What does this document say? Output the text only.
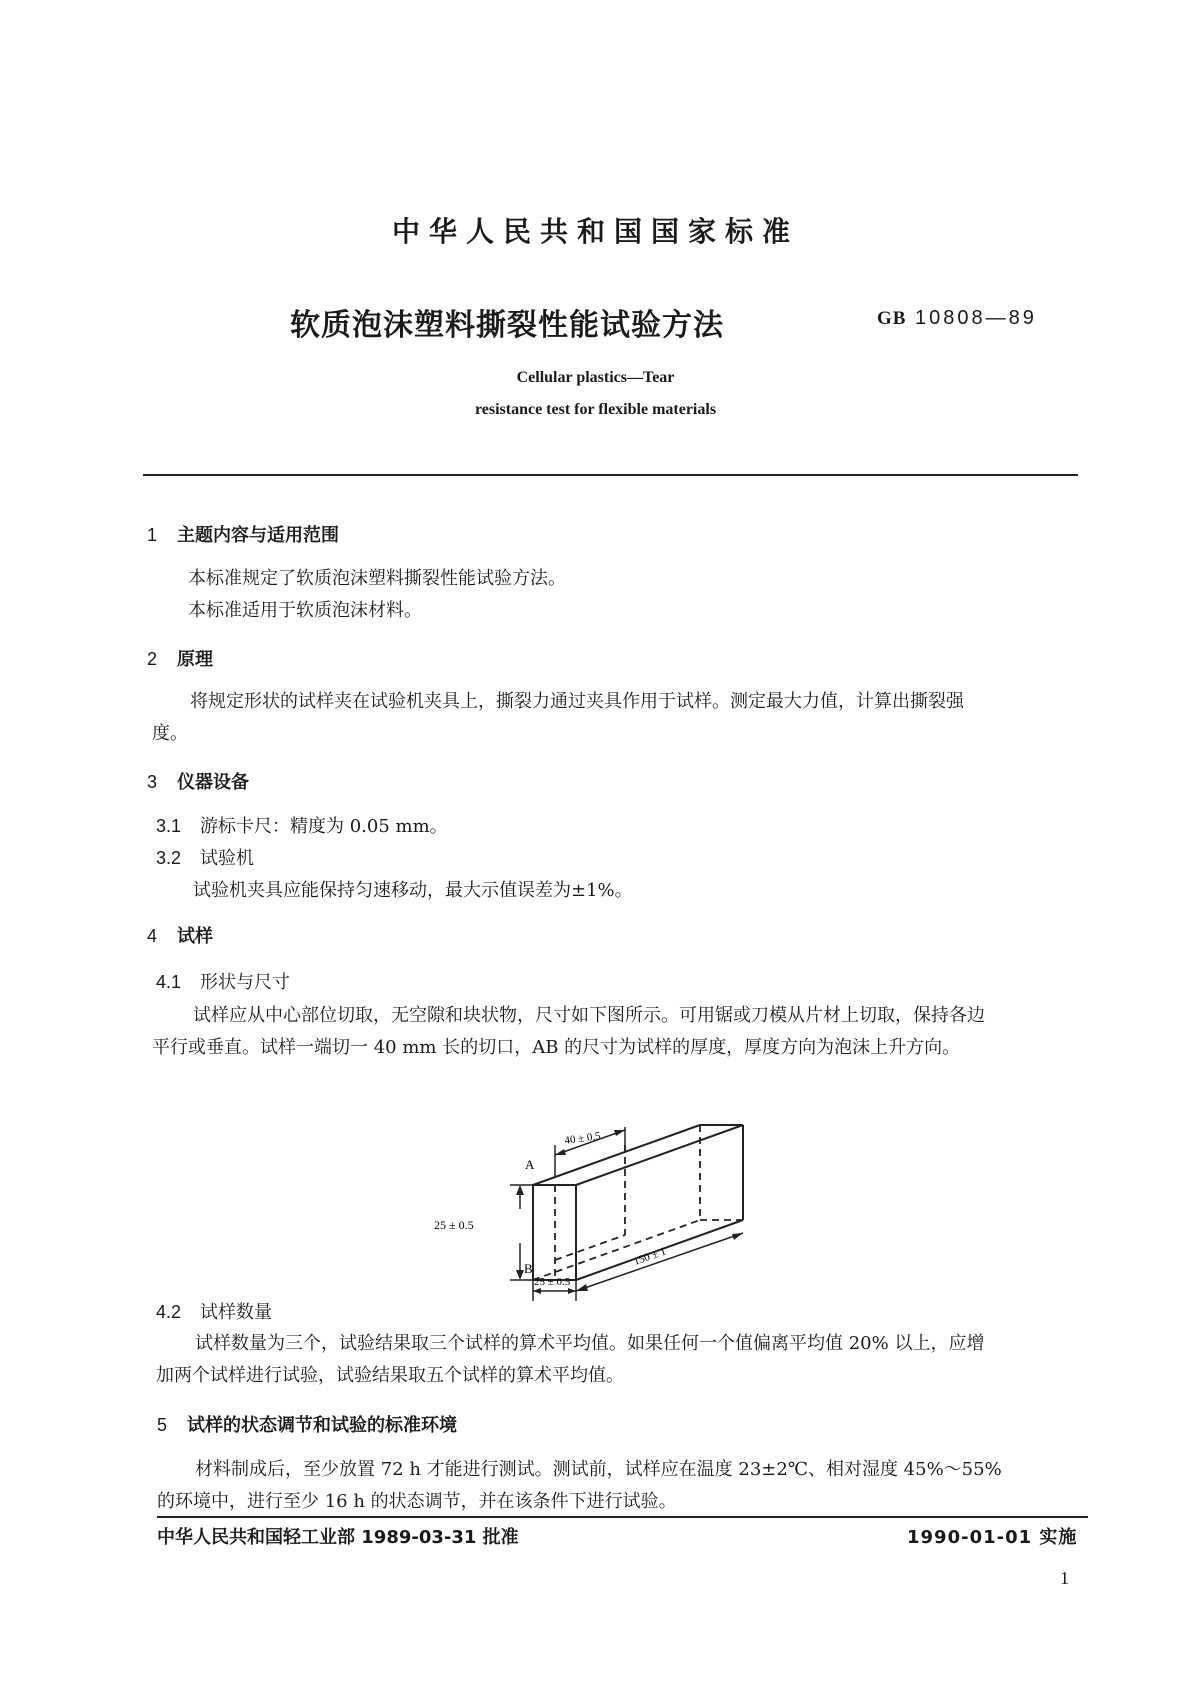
中华人民共和国国家标准
软质泡沫塑料撕裂性能试验方法	GB 10808—89
Cellular plastics—Tear
resistance test for flexible materials
1 主题内容与适用范围
本标准规定了软质泡沫塑料撕裂性能试验方法。
本标准适用于软质泡沫材料。
2 原理
将规定形状的试样夹在试验机夹具上，撕裂力通过夹具作用于试样。测定最大力值，计算出撕裂强
度。
3 仪器设备
3.1 游标卡尺：精度为 0.05 mm。
3.2 试验机
试验机夹具应能保持匀速移动，最大示值误差为±1%。
4 试样
4.1 形状与尺寸
试样应从中心部位切取，无空隙和块状物，尺寸如下图所示。可用锯或刀模从片材上切取，保持各边
平行或垂直。试样一端切一 40 mm 长的切口，AB 的尺寸为试样的厚度，厚度方向为泡沫上升方向。
A
B
40 ± 0.5
25 ± 0.5
25 ± 0.5
150 ± 1
4.2 试样数量
试样数量为三个，试验结果取三个试样的算术平均值。如果任何一个值偏离平均值 20% 以上，应增
加两个试样进行试验，试验结果取五个试样的算术平均值。
5 试样的状态调节和试验的标准环境
材料制成后，至少放置 72 h 才能进行测试。测试前，试样应在温度 23±2℃、相对湿度 45%～55%
的环境中，进行至少 16 h 的状态调节，并在该条件下进行试验。
中华人民共和国轻工业部 1989-03-31 批准	1990-01-01 实施
1
